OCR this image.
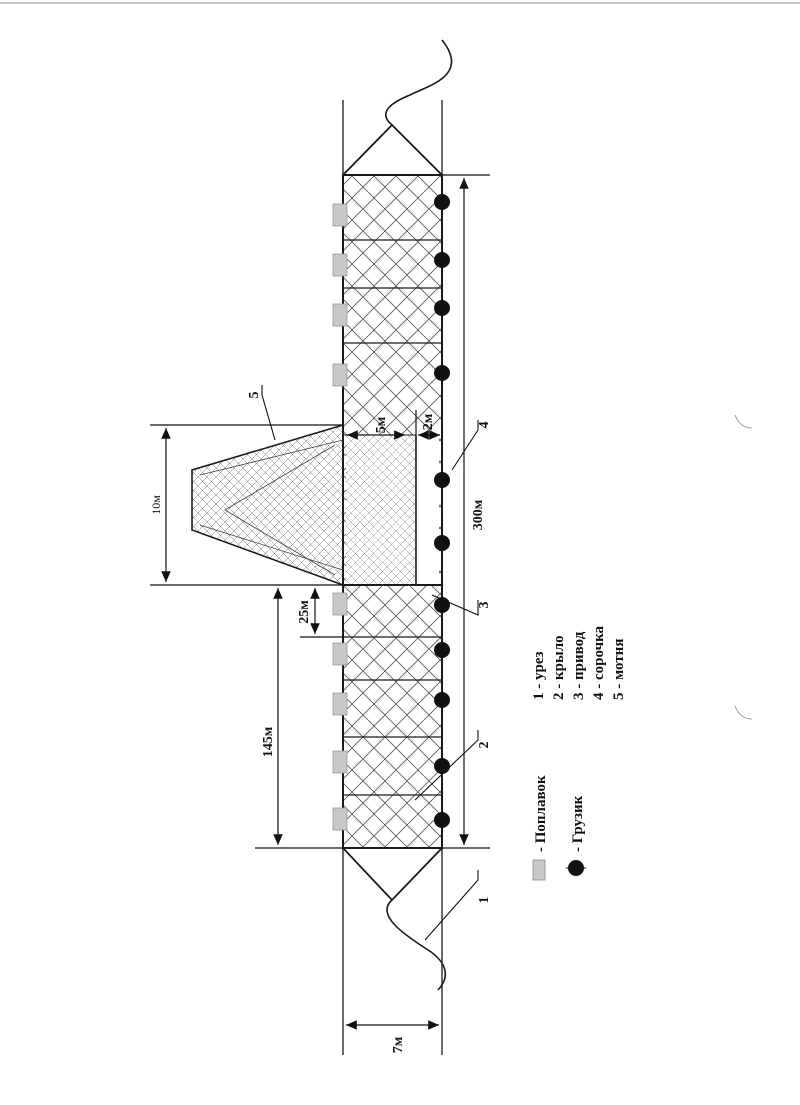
300м
145м
25м
10м
5м 2м
7м
1
2
3
4
5
- Поплавок - Грузик
1 - урез 2 - крыло 3 - привод 4 - сорочка 5 - мотня
